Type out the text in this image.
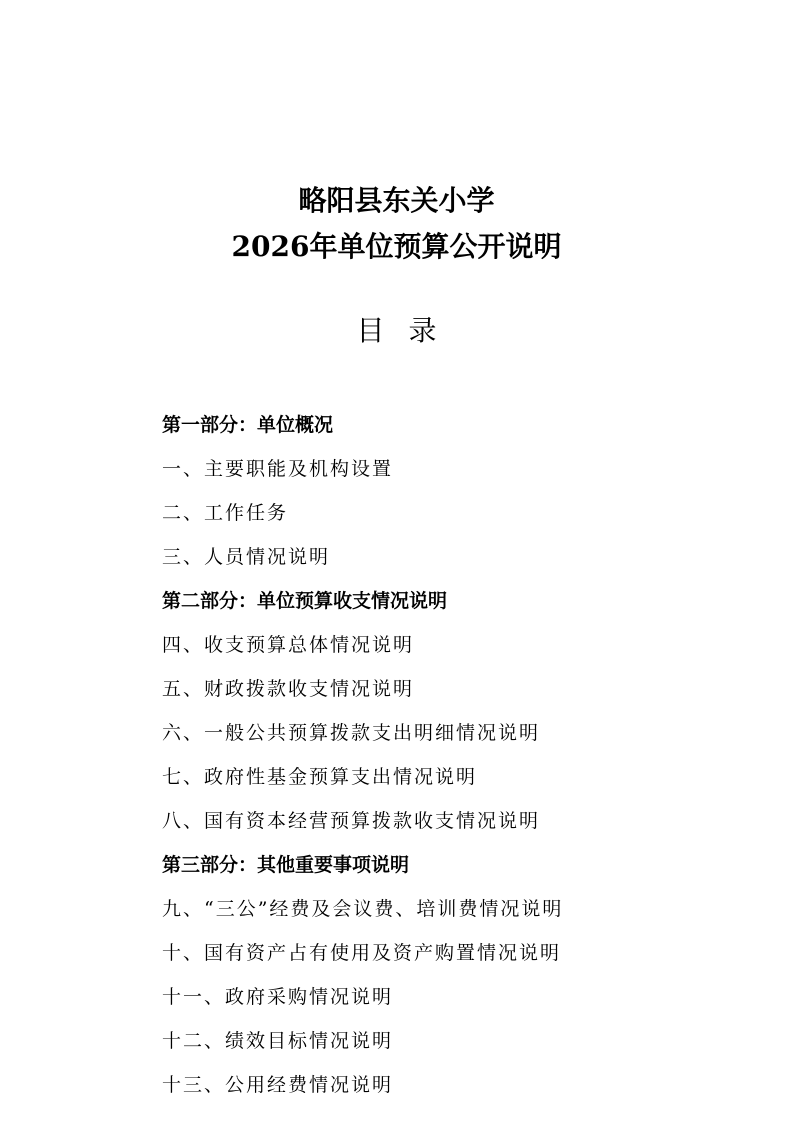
略阳县东关小学
2026年单位预算公开说明
目录
第一部分：单位概况
一、主要职能及机构设置
二、工作任务
三、人员情况说明
第二部分：单位预算收支情况说明
四、收支预算总体情况说明
五、财政拨款收支情况说明
六、一般公共预算拨款支出明细情况说明
七、政府性基金预算支出情况说明
八、国有资本经营预算拨款收支情况说明
第三部分：其他重要事项说明
九、“三公”经费及会议费、培训费情况说明
十、国有资产占有使用及资产购置情况说明
十一、政府采购情况说明
十二、绩效目标情况说明
十三、公用经费情况说明
